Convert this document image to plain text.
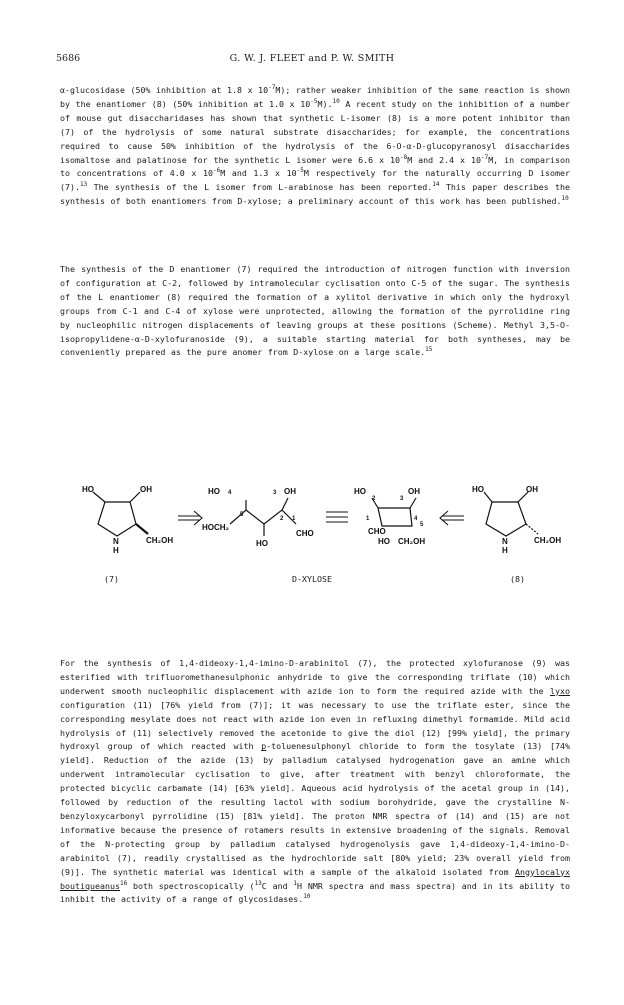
5686	G. W. J. FLEET and P. W. SMITH

α-glucosidase (50% inhibition at 1.8 x $10^{-7}M$); rather weaker inhibition of the same reaction is shown by the enantiomer (8) (50% inhibition at 1.0 x $10^{-5}M).^{10}$ A recent study on the inhibition of a number of mouse gut disaccharidases has shown that synthetic L-isomer (8) is a more potent inhibitor than (7) of the hydrolysis of some natural substrate disaccharides; for example, the concentrations required to cause 50% inhibition of the hydrolysis of the 6-O-α-D-glucopyranosyl disaccharides isomaltose and palatinose for the synthetic L isomer were 6.6 x $10^{-8}M$ and 2.4 x $10^{-7}M$, in comparison to concentrations of 4.0 x $10^{-6}M$ and 1.3 x $10^{-5}M$ respectively for the naturally occurring D isomer (7).$^{13}$ The synthesis of the L isomer from L-arabinose has been reported.$^{14}$ This paper describes the synthesis of both enantiomers from D-xylose; a preliminary account of this work has been published.$^{10}$

The synthesis of the D enantiomer (7) required the introduction of nitrogen function with inversion of configuration at C-2, followed by intramolecular cyclisation onto C-5 of the sugar. The synthesis of the L enantiomer (8) required the formation of a xylitol derivative in which only the hydroxyl groups from C-1 and C-4 of xylose were unprotected, allowing the formation of the pyrrolidine ring by nucleophilic nitrogen displacements of leaving groups at these positions (Scheme). Methyl 3,5-O-isopropylidene-α-D-xylofuranoside (9), a suitable starting material for both syntheses, may be conveniently prepared as the pure anomer from D-xylose on a large scale.$^{15}$

HO	OH
N
H
CH₂OH
HO 4	3 OH
5
HOCH₂
2 1
HO
CHO
HO
2	3
OH
1
CHO
4
5
HO CH₂OH
HO	OH
N
H
CH₂OH
(7)	D-XYLOSE	(8)

For the synthesis of 1,4-dideoxy-1,4-imino-D-arabinitol (7), the protected xylofuranose (9) was esterified with trifluoromethanesulphonic anhydride to give the corresponding triflate (10) which underwent smooth nucleophilic displacement with azide ion to form the required azide with the lyxo configuration (11) [76% yield from (7)]; it was necessary to use the triflate ester, since the corresponding mesylate does not react with azide ion even in refluxing dimethyl formamide. Mild acid hydrolysis of (11) selectively removed the acetonide to give the diol (12) [99% yield], the primary hydroxyl group of which reacted with p-toluenesulphonyl chloride to form the tosylate (13) [74% yield]. Reduction of the azide (13) by palladium catalysed hydrogenation gave an amine which underwent intramolecular cyclisation to give, after treatment with benzyl chloroformate, the protected bicyclic carbamate (14) [63% yield]. Aqueous acid hydrolysis of the acetal group in (14), followed by reduction of the resulting lactol with sodium borohydride, gave the crystalline N-benzyloxycarbonyl pyrrolidine (15) [81% yield]. The proton NMR spectra of (14) and (15) are not informative because the presence of rotamers results in extensive broadening of the signals. Removal of the N-protecting group by palladium catalysed hydrogenolysis gave 1,4-dideoxy-1,4-imino-D-arabinitol (7), readily crystallised as the hydrochloride salt [80% yield; 23% overall yield from (9)]. The synthetic material was identical with a sample of the alkaloid isolated from Angylocalyx boutiqueanus$^{16}$ both spectroscopically ($^{13}$C and $^1$H NMR spectra and mass spectra) and in its ability to inhibit the activity of a range of glycosidases.$^{10}$
